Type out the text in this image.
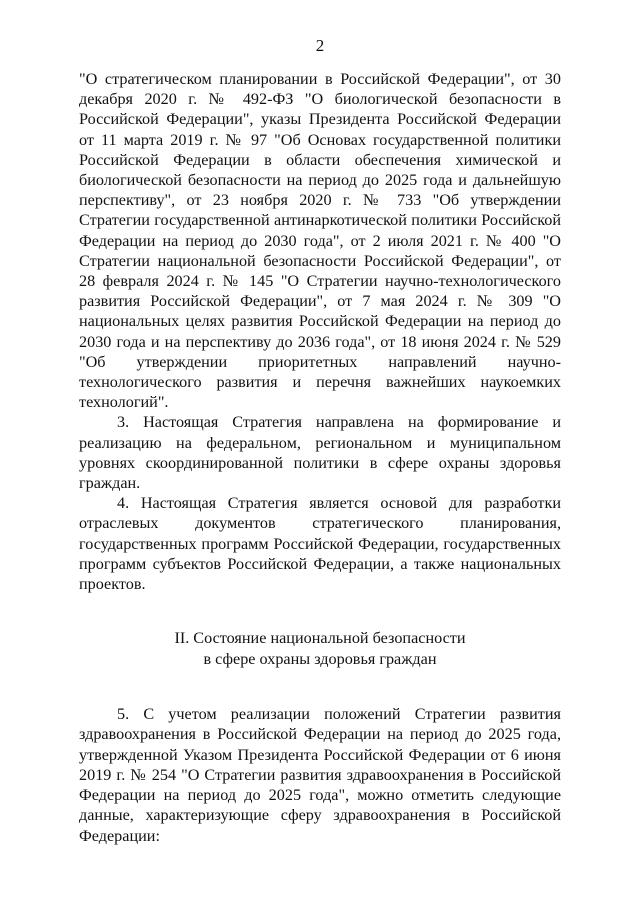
2

"О стратегическом планировании в Российской Федерации", от 30 декабря 2020 г. № 492-ФЗ "О биологической безопасности в Российской Федерации", указы Президента Российской Федерации от 11 марта 2019 г. № 97 "Об Основах государственной политики Российской Федерации в области обеспечения химической и биологической безопасности на период до 2025 года и дальнейшую перспективу", от 23 ноября 2020 г. № 733 "Об утверждении Стратегии государственной антинаркотической политики Российской Федерации на период до 2030 года", от 2 июля 2021 г. № 400 "О Стратегии национальной безопасности Российской Федерации", от 28 февраля 2024 г. № 145 "О Стратегии научно-технологического развития Российской Федерации", от 7 мая 2024 г. № 309 "О национальных целях развития Российской Федерации на период до 2030 года и на перспективу до 2036 года", от 18 июня 2024 г. № 529 "Об утверждении приоритетных направлений научно-технологического развития и перечня важнейших наукоемких технологий".

3. Настоящая Стратегия направлена на формирование и реализацию на федеральном, региональном и муниципальном уровнях скоординированной политики в сфере охраны здоровья граждан.

4. Настоящая Стратегия является основой для разработки отраслевых документов стратегического планирования, государственных программ Российской Федерации, государственных программ субъектов Российской Федерации, а также национальных проектов.

II. Состояние национальной безопасности
в сфере охраны здоровья граждан

5. С учетом реализации положений Стратегии развития здравоохранения в Российской Федерации на период до 2025 года, утвержденной Указом Президента Российской Федерации от 6 июня 2019 г. № 254 "О Стратегии развития здравоохранения в Российской Федерации на период до 2025 года", можно отметить следующие данные, характеризующие сферу здравоохранения в Российской Федерации:
